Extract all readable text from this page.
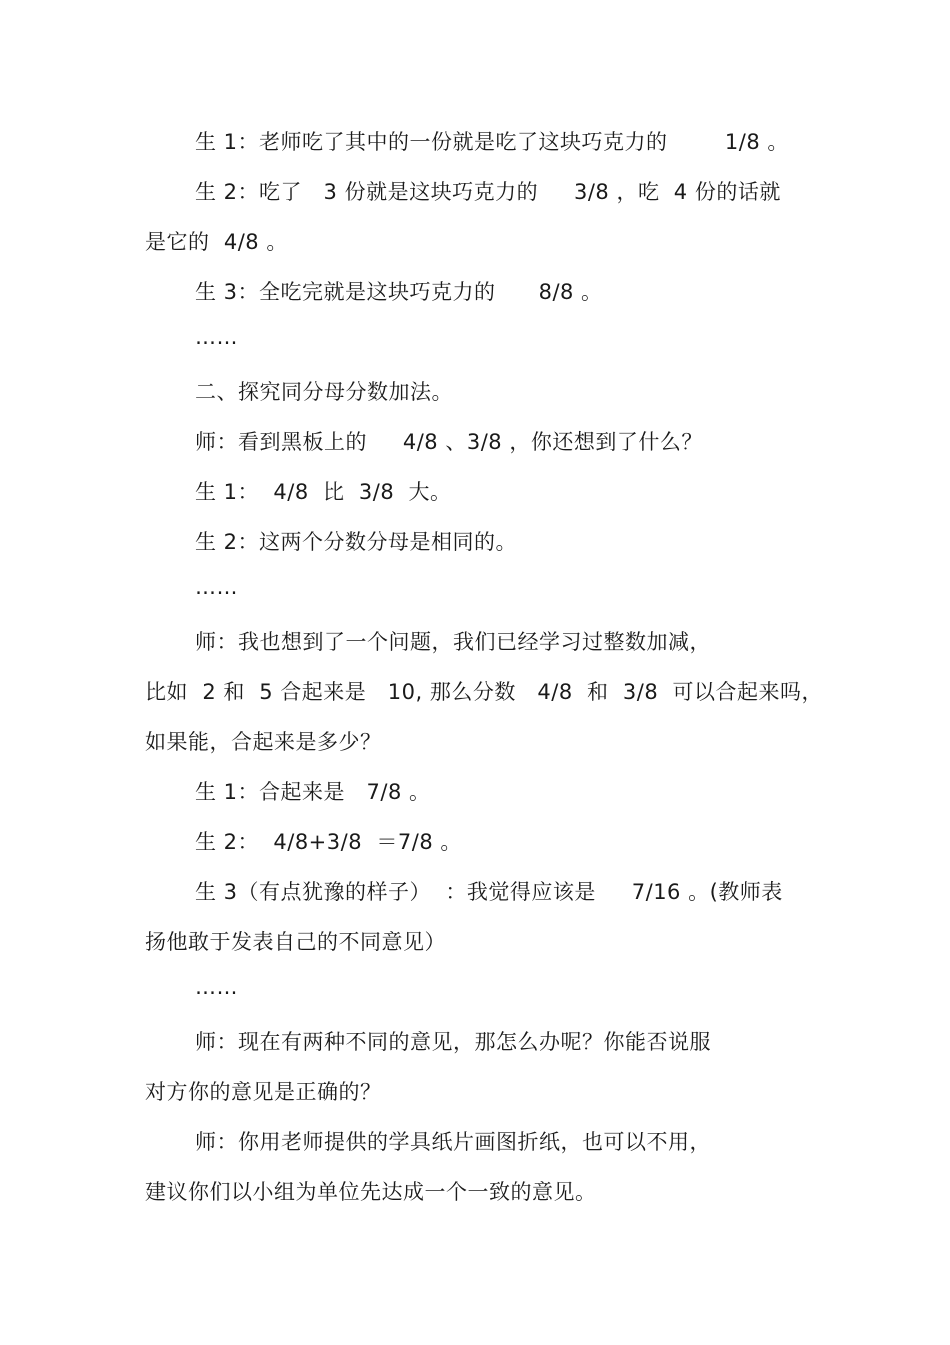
生 1：老师吃了其中的一份就是吃了这块巧克力的        1/8 。

生 2：吃了   3 份就是这块巧克力的     3/8 ，吃  4 份的话就

是它的  4/8 。

生 3：全吃完就是这块巧克力的      8/8 。

……

二、探究同分母分数加法。

师：看到黑板上的     4/8 、3/8 ，你还想到了什么？

生 1：  4/8  比  3/8  大。

生 2：这两个分数分母是相同的。

……

师：我也想到了一个问题，我们已经学习过整数加减，

比如  2 和  5 合起来是   10, 那么分数   4/8  和  3/8  可以合起来吗，

如果能，合起来是多少？

生 1：合起来是   7/8 。

生 2：  4/8+3/8  ＝7/8 。

生 3（有点犹豫的样子）  ：我觉得应该是     7/16 。(教师表

扬他敢于发表自己的不同意见）

……

师：现在有两种不同的意见，那怎么办呢？你能否说服

对方你的意见是正确的？

师：你用老师提供的学具纸片画图折纸，也可以不用，

建议你们以小组为单位先达成一个一致的意见。
